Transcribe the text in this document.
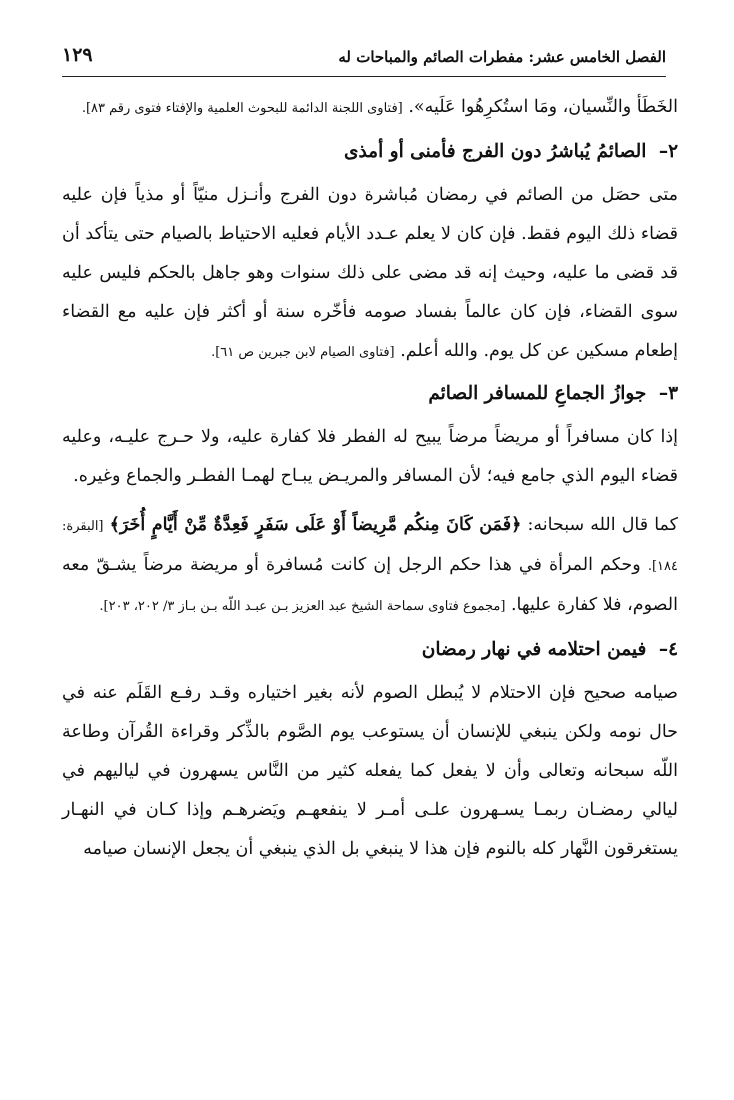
الفصل الخامس عشر: مفطرات الصائم والمباحات له
١٢٩

الخَطَأ والنِّسيان، ومَا استُكرِهُوا عَلَيه». [فتاوى اللجنة الدائمة للبحوث العلمية والإفتاء فتوى رقم ٨٣].

٢– الصائمُ يُباشرُ دون الفرج فأمنى أو أمذى

متى حصَل من الصائم في رمضان مُباشرة دون الفرج وأنـزل منيّاً أو مذياً فإن عليه قضاء ذلك اليوم فقط. فإن كان لا يعلم عـدد الأيام فعليه الاحتياط بالصيام حتى يتأكد أن قد قضى ما عليه، وحيث إنه قد مضى على ذلك سنوات وهو جاهل بالحكم فليس عليه سوى القضاء، فإن كان عالماً بفساد صومه فأخّره سنة أو أكثر فإن عليه مع القضاء إطعام مسكين عن كل يوم. والله أعلم. [فتاوى الصيام لابن جبرين ص ٦١].

٣– جوازُ الجماعِ للمسافر الصائم

إذا كان مسافراً أو مريضاً مرضاً يبيح له الفطر فلا كفارة عليه، ولا حـرج عليـه، وعليه قضاء اليوم الذي جامع فيه؛ لأن المسافر والمريـض يبـاح لهمـا الفطـر والجماع وغيره.

كما قال الله سبحانه: ﴿فَمَن كَانَ مِنكُم مَّرِيضاً أَوْ عَلَى سَفَرٍ فَعِدَّةٌ مِّنْ أَيَّامٍ أُخَرَ﴾ [البقرة: ١٨٤]. وحكم المرأة في هذا حكم الرجل إن كانت مُسافرة أو مريضة مرضاً يشـقّ معه الصوم، فلا كفارة عليها. [مجموع فتاوى سماحة الشيخ عبد العزيز بـن عبـد اللّه بـن بـاز ٣/ ٢٠٢، ٢٠٣].

٤– فيمن احتلامه في نهار رمضان

صيامه صحيح فإن الاحتلام لا يُبطل الصوم لأنه بغير اختياره وقـد رفـع القَلَم عنه في حال نومه ولكن ينبغي للإنسان أن يستوعب يوم الصَّوم بالذِّكر وقراءة القُرآن وطاعة اللّه سبحانه وتعالى وأن لا يفعل كما يفعله كثير من النَّاس يسهرون في لياليهم في ليالي رمضـان ربمـا يسـهرون علـى أمـر لا ينفعهـم ويَضرهـم وإذا كـان في النهـار يستغرقون النَّهار كله بالنوم فإن هذا لا ينبغي بل الذي ينبغي أن يجعل الإنسان صيامه
